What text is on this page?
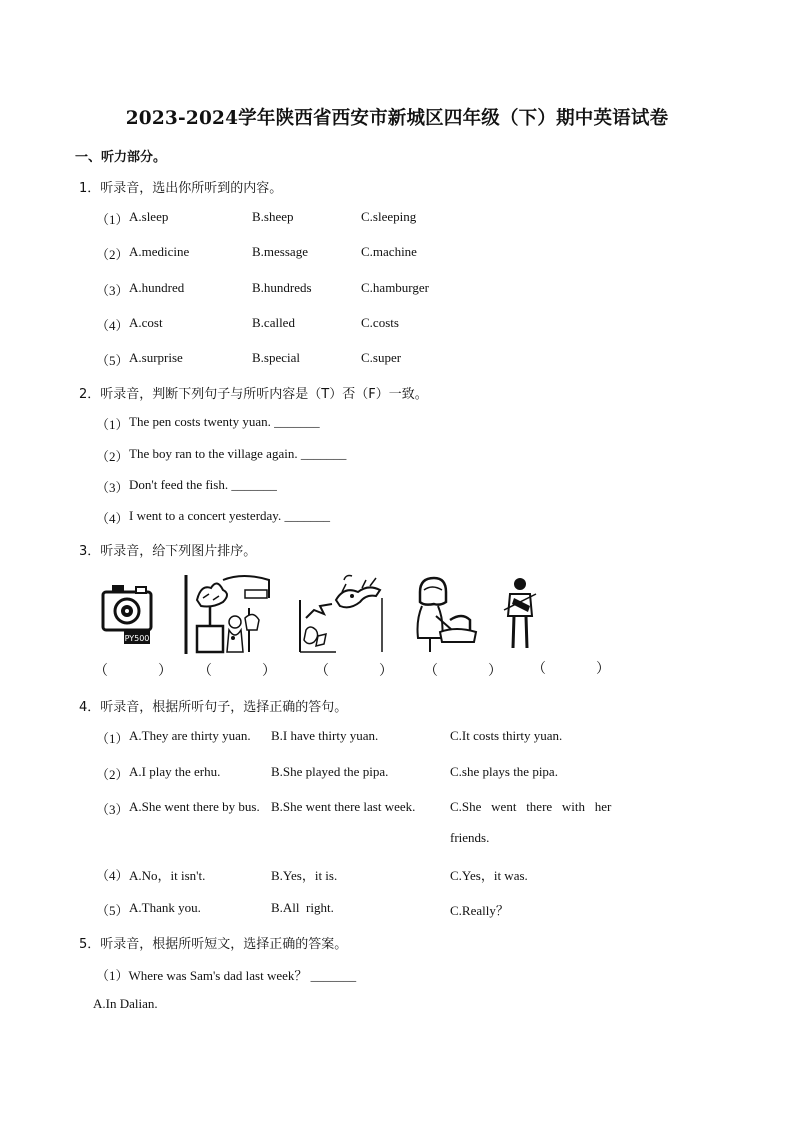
2023-2024学年陕西省西安市新城区四年级（下）期中英语试卷
一、听力部分。
1．听录音，选出你所听到的内容。
（1） A.sleep	B.sheep	C.sleeping
（2） A.medicine	B.message	C.machine
（3） A.hundred	B.hundreds	C.hamburger
（4） A.cost	B.called	C.costs
（5） A.surprise	B.special	C.super
2．听录音，判断下列句子与所听内容是（T）否（F）一致。
（1） The pen costs twenty yuan. _______
（2） The boy ran to the village again. _______
（3） Don't feed the fish. _______
（4） I went to a concert yesterday. _______
3．听录音，给下列图片排序。
PY500
（　） （　） （　） （　） （　）
4．听录音，根据所听句子，选择正确的答句。
（1） A.They are thirty yuan. B.I have thirty yuan.	C.It costs thirty yuan.
（2） A.I play the erhu.	B.She played the pipa.	C.she plays the pipa.
（3） A.She went there by bus. B.She went there last week.	C.She   went   there   with   her
friends.
（4） A.No，it isn't.	B.Yes，it is.	C.Yes，it was.
（5） A.Thank you.	B.All  right.	C.Really？
5．听录音，根据所听短文，选择正确的答案。
（1）Where was Sam's dad last week？ _______
A.In Dalian.
